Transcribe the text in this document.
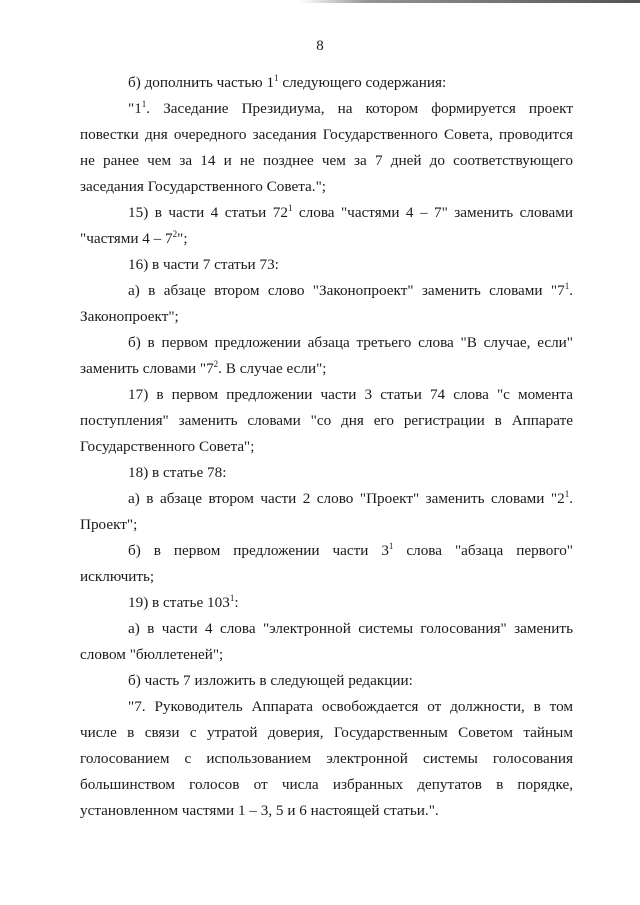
8

б) дополнить частью $1^1$ следующего содержания:

"$1^1$. Заседание Президиума, на котором формируется проект повестки дня очередного заседания Государственного Совета, проводится не ранее чем за 14 и не позднее чем за 7 дней до соответствующего заседания Государственного Совета.";

15) в части 4 статьи $72^1$ слова "частями 4 – 7" заменить словами "частями $4 - 7^2$";

16) в части 7 статьи 73:

а) в абзаце втором слово "Законопроект" заменить словами "$7^1$. Законопроект";

б) в первом предложении абзаца третьего слова "В случае, если" заменить словами "$7^2$. В случае если";

17) в первом предложении части 3 статьи 74 слова "с момента поступления" заменить словами "со дня его регистрации в Аппарате Государственного Совета";

18) в статье 78:

а) в абзаце втором части 2 слово "Проект" заменить словами "$2^1$. Проект";

б) в первом предложении части $3^1$ слова "абзаца первого" исключить;

19) в статье $103^1$:

а) в части 4 слова "электронной системы голосования" заменить словом "бюллетеней";

б) часть 7 изложить в следующей редакции:

"7. Руководитель Аппарата освобождается от должности, в том числе в связи с утратой доверия, Государственным Советом тайным голосованием с использованием электронной системы голосования большинством голосов от числа избранных депутатов в порядке, установленном частями 1 – 3, 5 и 6 настоящей статьи.".
